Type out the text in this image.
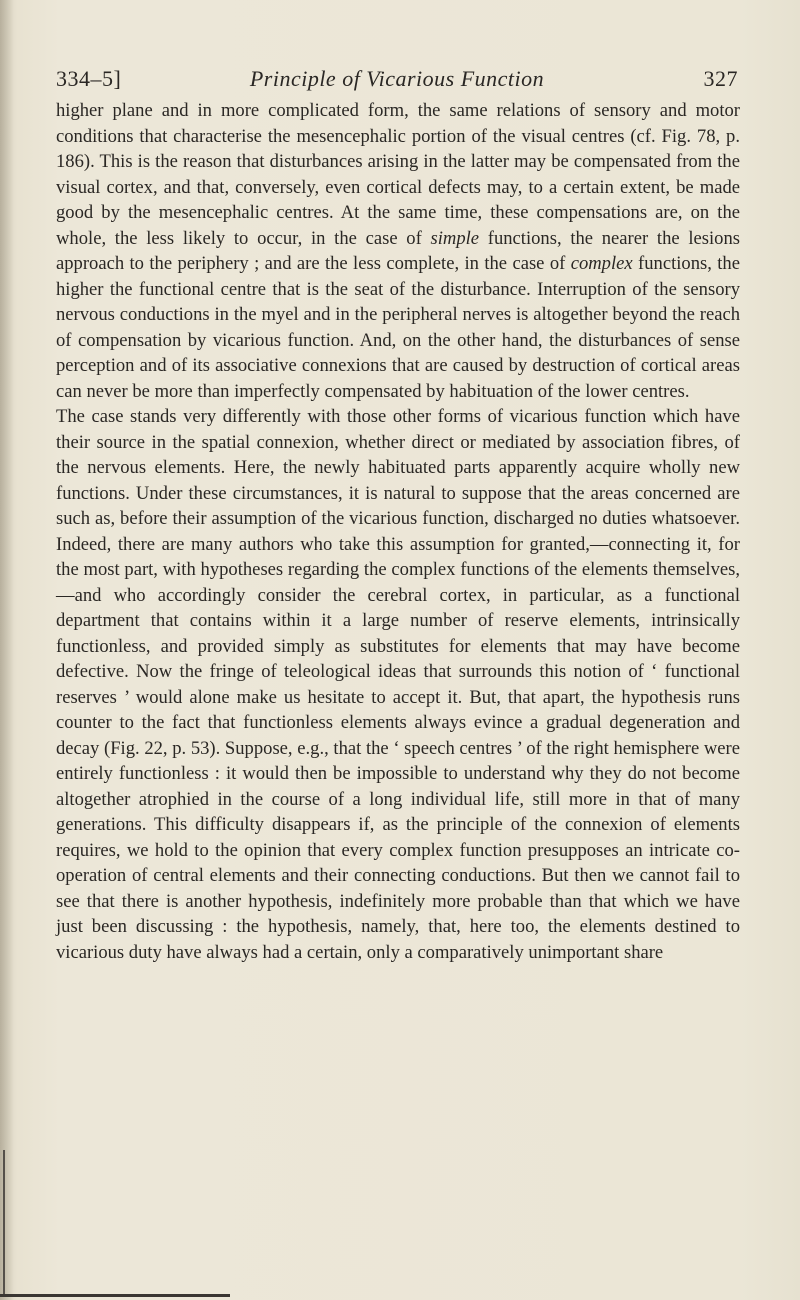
334–5]	Principle of Vicarious Function	327

higher plane and in more complicated form, the same relations of sensory and motor conditions that characterise the mesencephalic portion of the visual centres (cf. Fig. 78, p. 186). This is the reason that disturbances arising in the latter may be compensated from the visual cortex, and that, conversely, even cortical defects may, to a certain extent, be made good by the mesencephalic centres. At the same time, these compensations are, on the whole, the less likely to occur, in the case of simple functions, the nearer the lesions approach to the periphery ; and are the less complete, in the case of complex functions, the higher the functional centre that is the seat of the disturbance. Interruption of the sensory nervous conductions in the myel and in the peripheral nerves is altogether beyond the reach of compensation by vicarious function. And, on the other hand, the disturbances of sense perception and of its associative connexions that are caused by destruction of cortical areas can never be more than imperfectly compensated by habituation of the lower centres.

The case stands very differently with those other forms of vicarious function which have their source in the spatial connexion, whether direct or mediated by association fibres, of the nervous elements. Here, the newly habituated parts apparently acquire wholly new functions. Under these circumstances, it is natural to suppose that the areas concerned are such as, before their assumption of the vicarious function, discharged no duties whatsoever. Indeed, there are many authors who take this assumption for granted,—connecting it, for the most part, with hypotheses regarding the complex functions of the elements themselves,—and who accordingly consider the cerebral cortex, in particular, as a functional department that contains within it a large number of reserve elements, intrinsically functionless, and provided simply as substitutes for elements that may have become defective. Now the fringe of teleological ideas that surrounds this notion of ‘ functional reserves ’ would alone make us hesitate to accept it. But, that apart, the hypothesis runs counter to the fact that functionless elements always evince a gradual degeneration and decay (Fig. 22, p. 53). Suppose, e.g., that the ‘ speech centres ’ of the right hemisphere were entirely functionless : it would then be impossible to understand why they do not become altogether atrophied in the course of a long individual life, still more in that of many generations. This difficulty disappears if, as the principle of the connexion of elements requires, we hold to the opinion that every complex function presupposes an intricate co-operation of central elements and their connecting conductions. But then we cannot fail to see that there is another hypothesis, indefinitely more probable than that which we have just been discussing : the hypothesis, namely, that, here too, the elements destined to vicarious duty have always had a certain, only a comparatively unimportant share
